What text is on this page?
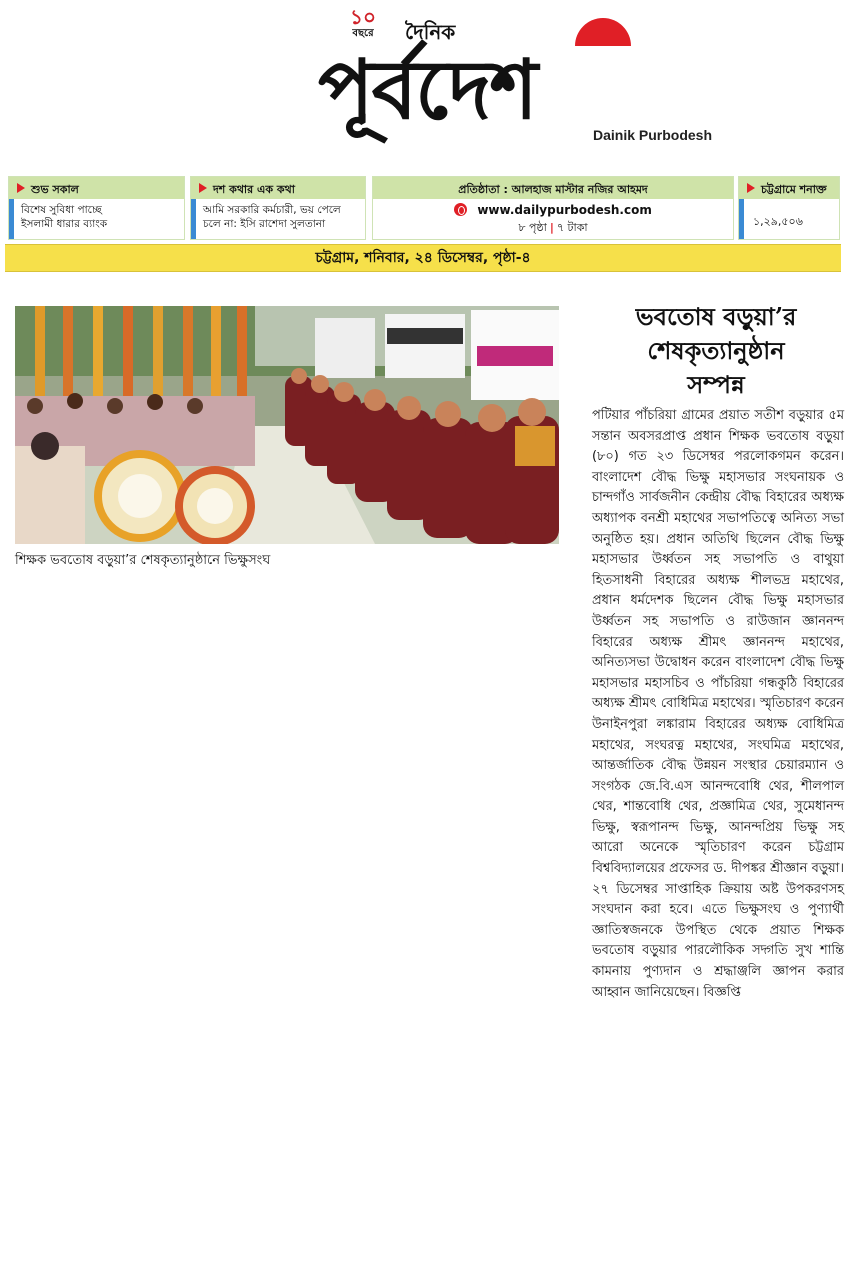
১০
বছরে	দৈনিক
পূর্বদেশ	Dainik Purbodesh
শুভ সকাল
বিশেষ সুবিধা পাচ্ছে
ইসলামী ধারার ব্যাংক
দশ কথার এক কথা
আমি সরকারি কর্মচারী, ভয় পেলে
চলে না: ইসি রাশেদা সুলতানা
প্রতিষ্ঠাতা : আলহাজ মাস্টার নজির আহমদ
www.dailypurbodesh.com
৮ পৃষ্ঠা | ৭ টাকা
চট্টগ্রামে শনাক্ত
১,২৯,৫০৬
চট্টগ্রাম, শনিবার, ২৪ ডিসেম্বর, পৃষ্ঠা-৪
শিক্ষক ভবতোষ বড়ুয়া’র শেষকৃত্যানুষ্ঠানে ভিক্ষুসংঘ
ভবতোষ বড়ুয়া’র
শেষকৃত্যানুষ্ঠান
সম্পন্ন
পটিয়ার পাঁচরিয়া গ্রামের প্রয়াত সতীশ বড়ুয়ার ৫ম সন্তান অবসরপ্রাপ্ত প্রধান শিক্ষক ভবতোষ বড়ুয়া (৮০) গত ২৩ ডিসেম্বর পরলোকগমন করেন। বাংলাদেশ বৌদ্ধ ভিক্ষু মহাসভার সংঘনায়ক ও চান্দগাঁও সার্বজনীন কেন্দ্রীয় বৌদ্ধ বিহারের অধ্যক্ষ অধ্যাপক বনশ্রী মহাথের সভাপতিত্বে অনিত্য সভা অনুষ্ঠিত হয়। প্রধান অতিথি ছিলেন বৌদ্ধ ভিক্ষু মহাসভার উর্ধ্বতন সহ সভাপতি ও বাথুয়া হিতসাধনী বিহারের অধ্যক্ষ শীলভদ্র মহাথের, প্রধান ধর্মদেশক ছিলেন বৌদ্ধ ভিক্ষু মহাসভার উর্ধ্বতন সহ সভাপতি ও রাউজান জ্ঞাননন্দ বিহারের অধ্যক্ষ শ্রীমৎ জ্ঞাননন্দ মহাথের, অনিত্যসভা উদ্বোধন করেন বাংলাদেশ বৌদ্ধ ভিক্ষু মহাসভার মহাসচিব ও পাঁচরিয়া গন্ধকুঠি বিহারের অধ্যক্ষ শ্রীমৎ বোধিমিত্র মহাথের। স্মৃতিচারণ করেন উনাইনপুরা লঙ্কারাম বিহারের অধ্যক্ষ বোধিমিত্র মহাথের, সংঘরত্ন মহাথের, সংঘমিত্র মহাথের, আন্তর্জাতিক বৌদ্ধ উন্নয়ন সংস্থার চেয়ারম্যান ও সংগঠক জে.বি.এস আনন্দবোধি থের, শীলপাল থের, শান্তবোধি থের, প্রজ্ঞামিত্র থের, সুমেধানন্দ ভিক্ষু, স্বরূপানন্দ ভিক্ষু, আনন্দপ্রিয় ভিক্ষু সহ আরো অনেকে স্মৃতিচারণ করেন চট্টগ্রাম বিশ্ববিদ্যালয়ের প্রফেসর ড. দীপঙ্কর শ্রীজ্ঞান বড়ুয়া। ২৭ ডিসেম্বর সাপ্তাহিক ক্রিয়ায় অষ্ট উপকরণসহ সংঘদান করা হবে। এতে ভিক্ষুসংঘ ও পুণ্যার্থী জ্ঞাতিস্বজনকে উপস্থিত থেকে প্রয়াত শিক্ষক ভবতোষ বড়ুয়ার পারলৌকিক সদ্গতি সুখ শান্তি কামনায় পুণ্যদান ও শ্রদ্ধাঞ্জলি জ্ঞাপন করার আহ্বান জানিয়েছেন। বিজ্ঞপ্তি
